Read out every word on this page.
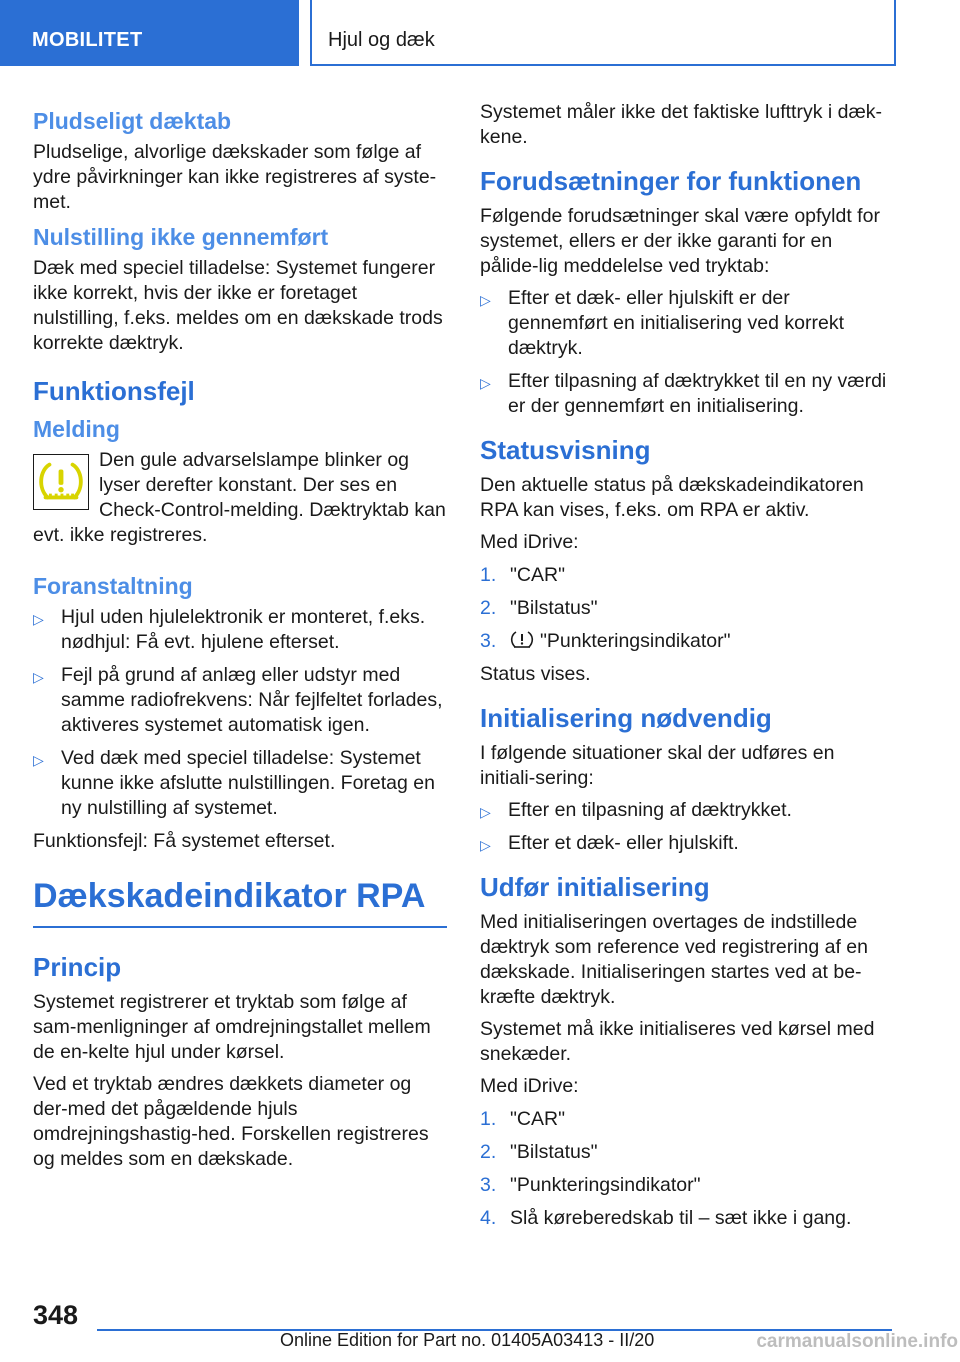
MOBILITET	Hjul og dæk
Pludseligt dæktab

Pludselige, alvorlige dækskader som følge af ydre påvirkninger kan ikke registreres af syste-met.

Nulstilling ikke gennemført

Dæk med speciel tilladelse: Systemet fungerer ikke korrekt, hvis der ikke er foretaget nulstilling, f.eks. meldes om en dækskade trods korrekte dæktryk.

Funktionsfejl
Melding

Den gule advarselslampe blinker og lyser derefter konstant. Der ses en Check-Control-melding. Dæktryktab kan evt. ikke registreres.

Foranstaltning
▷ Hjul uden hjulelektronik er monteret, f.eks. nødhjul: Få evt. hjulene efterset.
▷ Fejl på grund af anlæg eller udstyr med samme radiofrekvens: Når fejlfeltet forlades, aktiveres systemet automatisk igen.
▷ Ved dæk med speciel tilladelse: Systemet kunne ikke afslutte nulstillingen. Foretag en ny nulstilling af systemet.

Funktionsfejl: Få systemet efterset.

Dækskadeindikator RPA
Princip

Systemet registrerer et tryktab som følge af sam-menligninger af omdrejningstallet mellem de en-kelte hjul under kørsel.

Ved et tryktab ændres dækkets diameter og der-med det pågældende hjuls omdrejningshastig-hed. Forskellen registreres og meldes som en dækskade.

Systemet måler ikke det faktiske lufttryk i dæk-kene.

Forudsætninger for funktionen

Følgende forudsætninger skal være opfyldt for systemet, ellers er der ikke garanti for en pålide-lig meddelelse ved tryktab:

▷ Efter et dæk- eller hjulskift er der gennemført en initialisering ved korrekt dæktryk.
▷ Efter tilpasning af dæktrykket til en ny værdi er der gennemført en initialisering.
Statusvisning

Den aktuelle status på dækskadeindikatoren RPA kan vises, f.eks. om RPA er aktiv.

Med iDrive:

1. "CAR"
2. "Bilstatus"
3. "Punkteringsindikator"

Status vises.

Initialisering nødvendig

I følgende situationer skal der udføres en initiali-sering:

▷ Efter en tilpasning af dæktrykket.
▷ Efter et dæk- eller hjulskift.
Udfør initialisering

Med initialiseringen overtages de indstillede dæktryk som reference ved registrering af en dækskade. Initialiseringen startes ved at be-kræfte dæktryk.

Systemet må ikke initialiseres ved kørsel med snekæder.

Med iDrive:

1. "CAR"
2. "Bilstatus"
3. "Punkteringsindikator"
4. Slå køreberedskab til – sæt ikke i gang.
348
Online Edition for Part no. 01405A03413 - II/20	carmanualsonline.info
